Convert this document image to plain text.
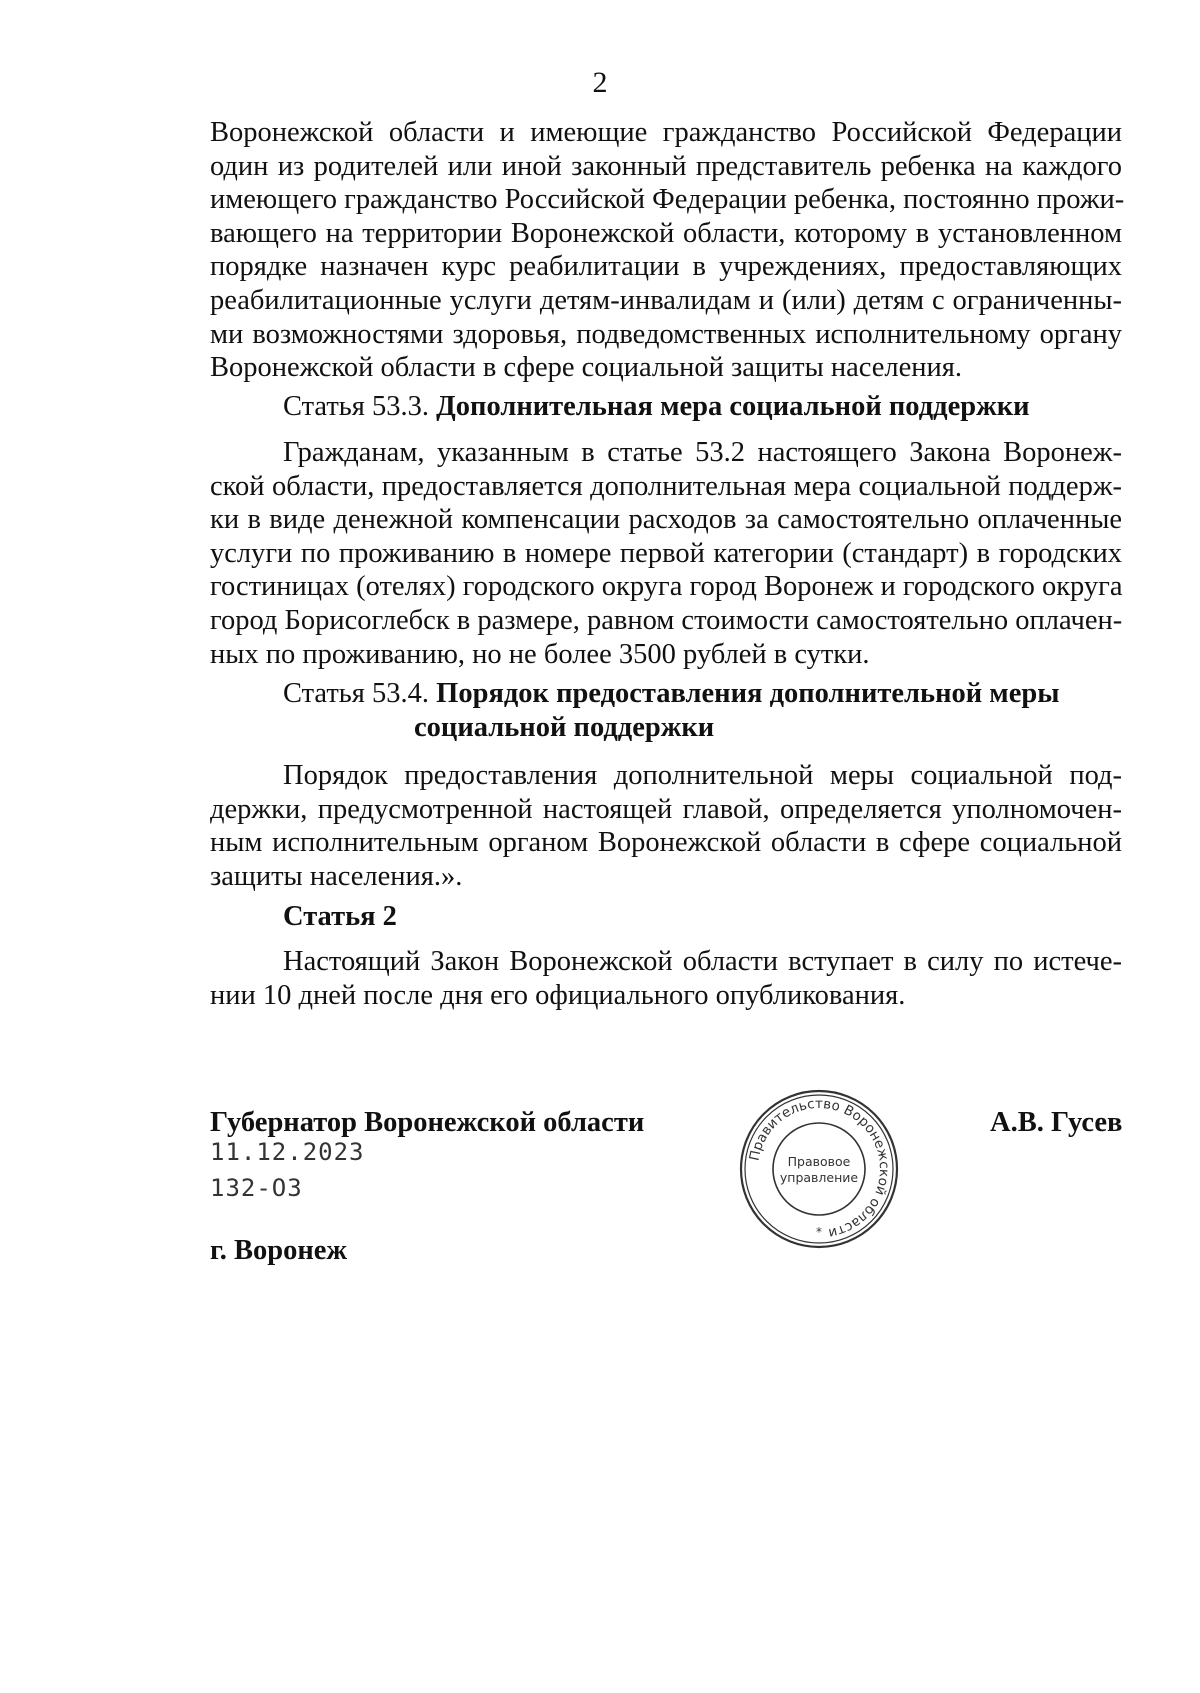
2
Воронежской области и имеющие гражданство Российской Федерации
один из родителей или иной законный представитель ребенка на каждого
имеющего гражданство Российской Федерации ребенка, постоянно прожи-
вающего на территории Воронежской области, которому в установленном
порядке назначен курс реабилитации в учреждениях, предоставляющих
реабилитационные услуги детям-инвалидам и (или) детям с ограниченны-
ми возможностями здоровья, подведомственных исполнительному органу
Воронежской области в сфере социальной защиты населения.
Статья 53.3. Дополнительная мера социальной поддержки
Гражданам, указанным в статье 53.2 настоящего Закона Воронеж-
ской области, предоставляется дополнительная мера социальной поддерж-
ки в виде денежной компенсации расходов за самостоятельно оплаченные
услуги по проживанию в номере первой категории (стандарт) в городских
гостиницах (отелях) городского округа город Воронеж и городского округа
город Борисоглебск в размере, равном стоимости самостоятельно оплачен-
ных по проживанию, но не более 3500 рублей в сутки.
Статья 53.4. Порядок предоставления дополнительной меры
социальной поддержки
Порядок предоставления дополнительной меры социальной под-
держки, предусмотренной настоящей главой, определяется уполномочен-
ным исполнительным органом Воронежской области в сфере социальной
защиты населения.».
Статья 2
Настоящий Закон Воронежской области вступает в силу по истече-
нии 10 дней после дня его официального опубликования.
Губернатор Воронежской области	А.В. Гусев
11.12.2023
132-ОЗ
г. Воронеж
Правительство Воронежской области
Правовое
управление
*
